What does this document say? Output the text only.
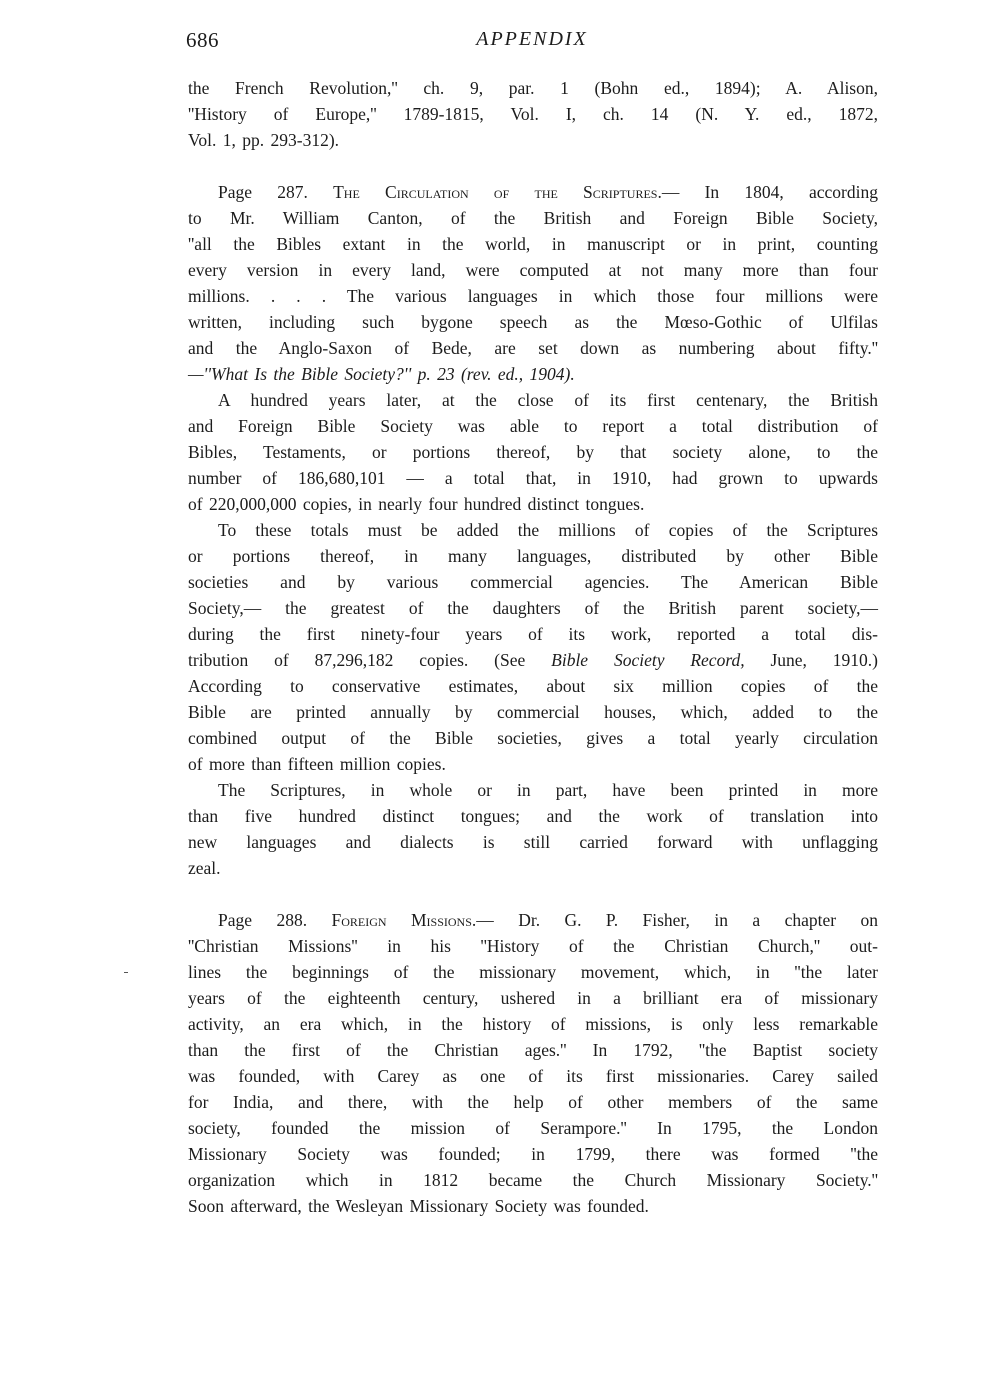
686	APPENDIX

the French Revolution,'' ch. 9, par. 1 (Bohn ed., 1894); A. Alison,
''History of Europe,'' 1789-1815, Vol. I, ch. 14 (N. Y. ed., 1872,
Vol. 1, pp. 293-312).

Page 287. The Circulation of the Scriptures.— In 1804, according
to Mr. William Canton, of the British and Foreign Bible Society,
''all the Bibles extant in the world, in manuscript or in print, counting
every version in every land, were computed at not many more than four
millions. . . . The various languages in which those four millions were
written, including such bygone speech as the Mœso-Gothic of Ulfilas
and the Anglo-Saxon of Bede, are set down as numbering about fifty.''
—''What Is the Bible Society?'' p. 23 (rev. ed., 1904).

A hundred years later, at the close of its first centenary, the British
and Foreign Bible Society was able to report a total distribution of
Bibles, Testaments, or portions thereof, by that society alone, to the
number of 186,680,101 — a total that, in 1910, had grown to upwards
of 220,000,000 copies, in nearly four hundred distinct tongues.

To these totals must be added the millions of copies of the Scriptures
or portions thereof, in many languages, distributed by other Bible
societies and by various commercial agencies. The American Bible
Society,— the greatest of the daughters of the British parent society,—
during the first ninety-four years of its work, reported a total dis-
tribution of 87,296,182 copies. (See Bible Society Record, June, 1910.)
According to conservative estimates, about six million copies of the
Bible are printed annually by commercial houses, which, added to the
combined output of the Bible societies, gives a total yearly circulation
of more than fifteen million copies.

The Scriptures, in whole or in part, have been printed in more
than five hundred distinct tongues; and the work of translation into
new languages and dialects is still carried forward with unflagging
zeal.

Page 288. Foreign Missions.— Dr. G. P. Fisher, in a chapter on
''Christian Missions'' in his ''History of the Christian Church,'' out-
lines the beginnings of the missionary movement, which, in ''the later
years of the eighteenth century, ushered in a brilliant era of missionary
activity, an era which, in the history of missions, is only less remarkable
than the first of the Christian ages.'' In 1792, ''the Baptist society
was founded, with Carey as one of its first missionaries. Carey sailed
for India, and there, with the help of other members of the same
society, founded the mission of Serampore.'' In 1795, the London
Missionary Society was founded; in 1799, there was formed ''the
organization which in 1812 became the Church Missionary Society.''
Soon afterward, the Wesleyan Missionary Society was founded.
